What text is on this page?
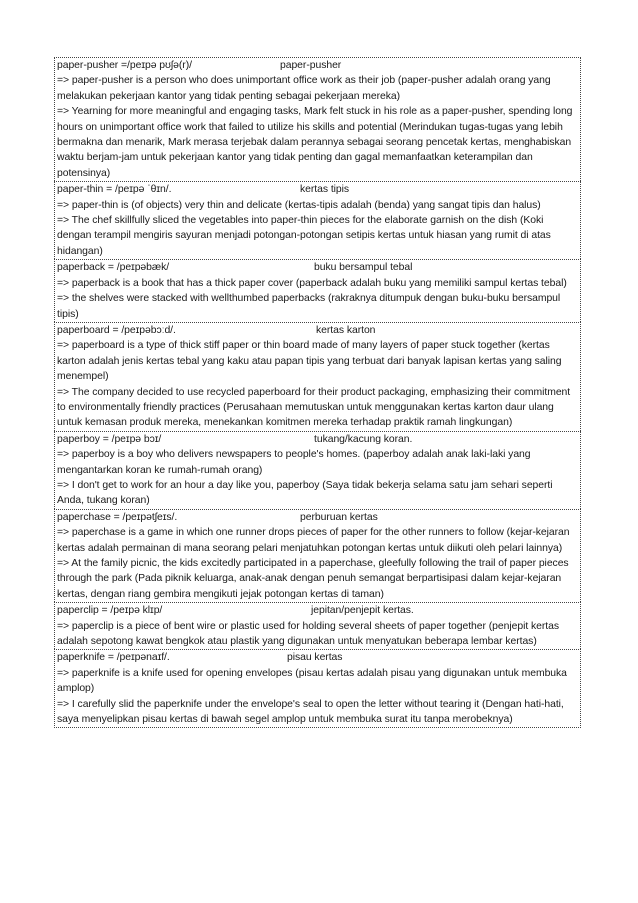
paper-pusher =/peɪpə pʊʃə(r)/	paper-pusher
=> paper-pusher is a person who does unimportant office work as their job (paper-pusher adalah orang yang melakukan pekerjaan kantor yang tidak penting sebagai pekerjaan mereka)
=> Yearning for more meaningful and engaging tasks, Mark felt stuck in his role as a paper-pusher, spending long hours on unimportant office work that failed to utilize his skills and potential (Merindukan tugas-tugas yang lebih bermakna dan menarik, Mark merasa terjebak dalam perannya sebagai seorang pencetak kertas, menghabiskan waktu berjam-jam untuk pekerjaan kantor yang tidak penting dan gagal memanfaatkan keterampilan dan potensinya)
paper-thin = /peɪpə ˈθɪn/.	kertas tipis
=> paper-thin is (of objects) very thin and delicate (kertas-tipis adalah (benda) yang sangat tipis dan halus)
=> The chef skillfully sliced the vegetables into paper-thin pieces for the elaborate garnish on the dish (Koki dengan terampil mengiris sayuran menjadi potongan-potongan setipis kertas untuk hiasan yang rumit di atas hidangan)
paperback = /peɪpəbæk/	buku bersampul tebal
=> paperback is a book that has a thick paper cover (paperback adalah buku yang memiliki sampul kertas tebal)
=> the shelves were stacked with wellthumbed paperbacks (rakraknya ditumpuk dengan buku-buku bersampul tipis)
paperboard = /peɪpəbɔːd/.	kertas karton
=> paperboard is a type of thick stiff paper or thin board made of many layers of paper stuck together (kertas karton adalah jenis kertas tebal yang kaku atau papan tipis yang terbuat dari banyak lapisan kertas yang saling menempel)
=> The company decided to use recycled paperboard for their product packaging, emphasizing their commitment to environmentally friendly practices (Perusahaan memutuskan untuk menggunakan kertas karton daur ulang untuk kemasan produk mereka, menekankan komitmen mereka terhadap praktik ramah lingkungan)
paperboy = /peɪpə bɔɪ/	tukang/kacung koran.
=> paperboy is a boy who delivers newspapers to people's homes. (paperboy adalah anak laki-laki yang mengantarkan koran ke rumah-rumah orang)
=> I don't get to work for an hour a day like you, paperboy (Saya tidak bekerja selama satu jam sehari seperti Anda, tukang koran)
paperchase = /peɪpətʃeɪs/.	perburuan kertas
=> paperchase is a game in which one runner drops pieces of paper for the other runners to follow (kejar-kejaran kertas adalah permainan di mana seorang pelari menjatuhkan potongan kertas untuk diikuti oleh pelari lainnya)
=> At the family picnic, the kids excitedly participated in a paperchase, gleefully following the trail of paper pieces through the park (Pada piknik keluarga, anak-anak dengan penuh semangat berpartisipasi dalam kejar-kejaran kertas, dengan riang gembira mengikuti jejak potongan kertas di taman)
paperclip = /peɪpə klɪp/	jepitan/penjepit kertas.
=> paperclip is a piece of bent wire or plastic used for holding several sheets of paper together (penjepit kertas adalah sepotong kawat bengkok atau plastik yang digunakan untuk menyatukan beberapa lembar kertas)
paperknife = /peɪpənaɪf/.	pisau kertas
=> paperknife is a knife used for opening envelopes (pisau kertas adalah pisau yang digunakan untuk membuka amplop)
=> I carefully slid the paperknife under the envelope's seal to open the letter without tearing it (Dengan hati-hati, saya menyelipkan pisau kertas di bawah segel amplop untuk membuka surat itu tanpa merobeknya)
